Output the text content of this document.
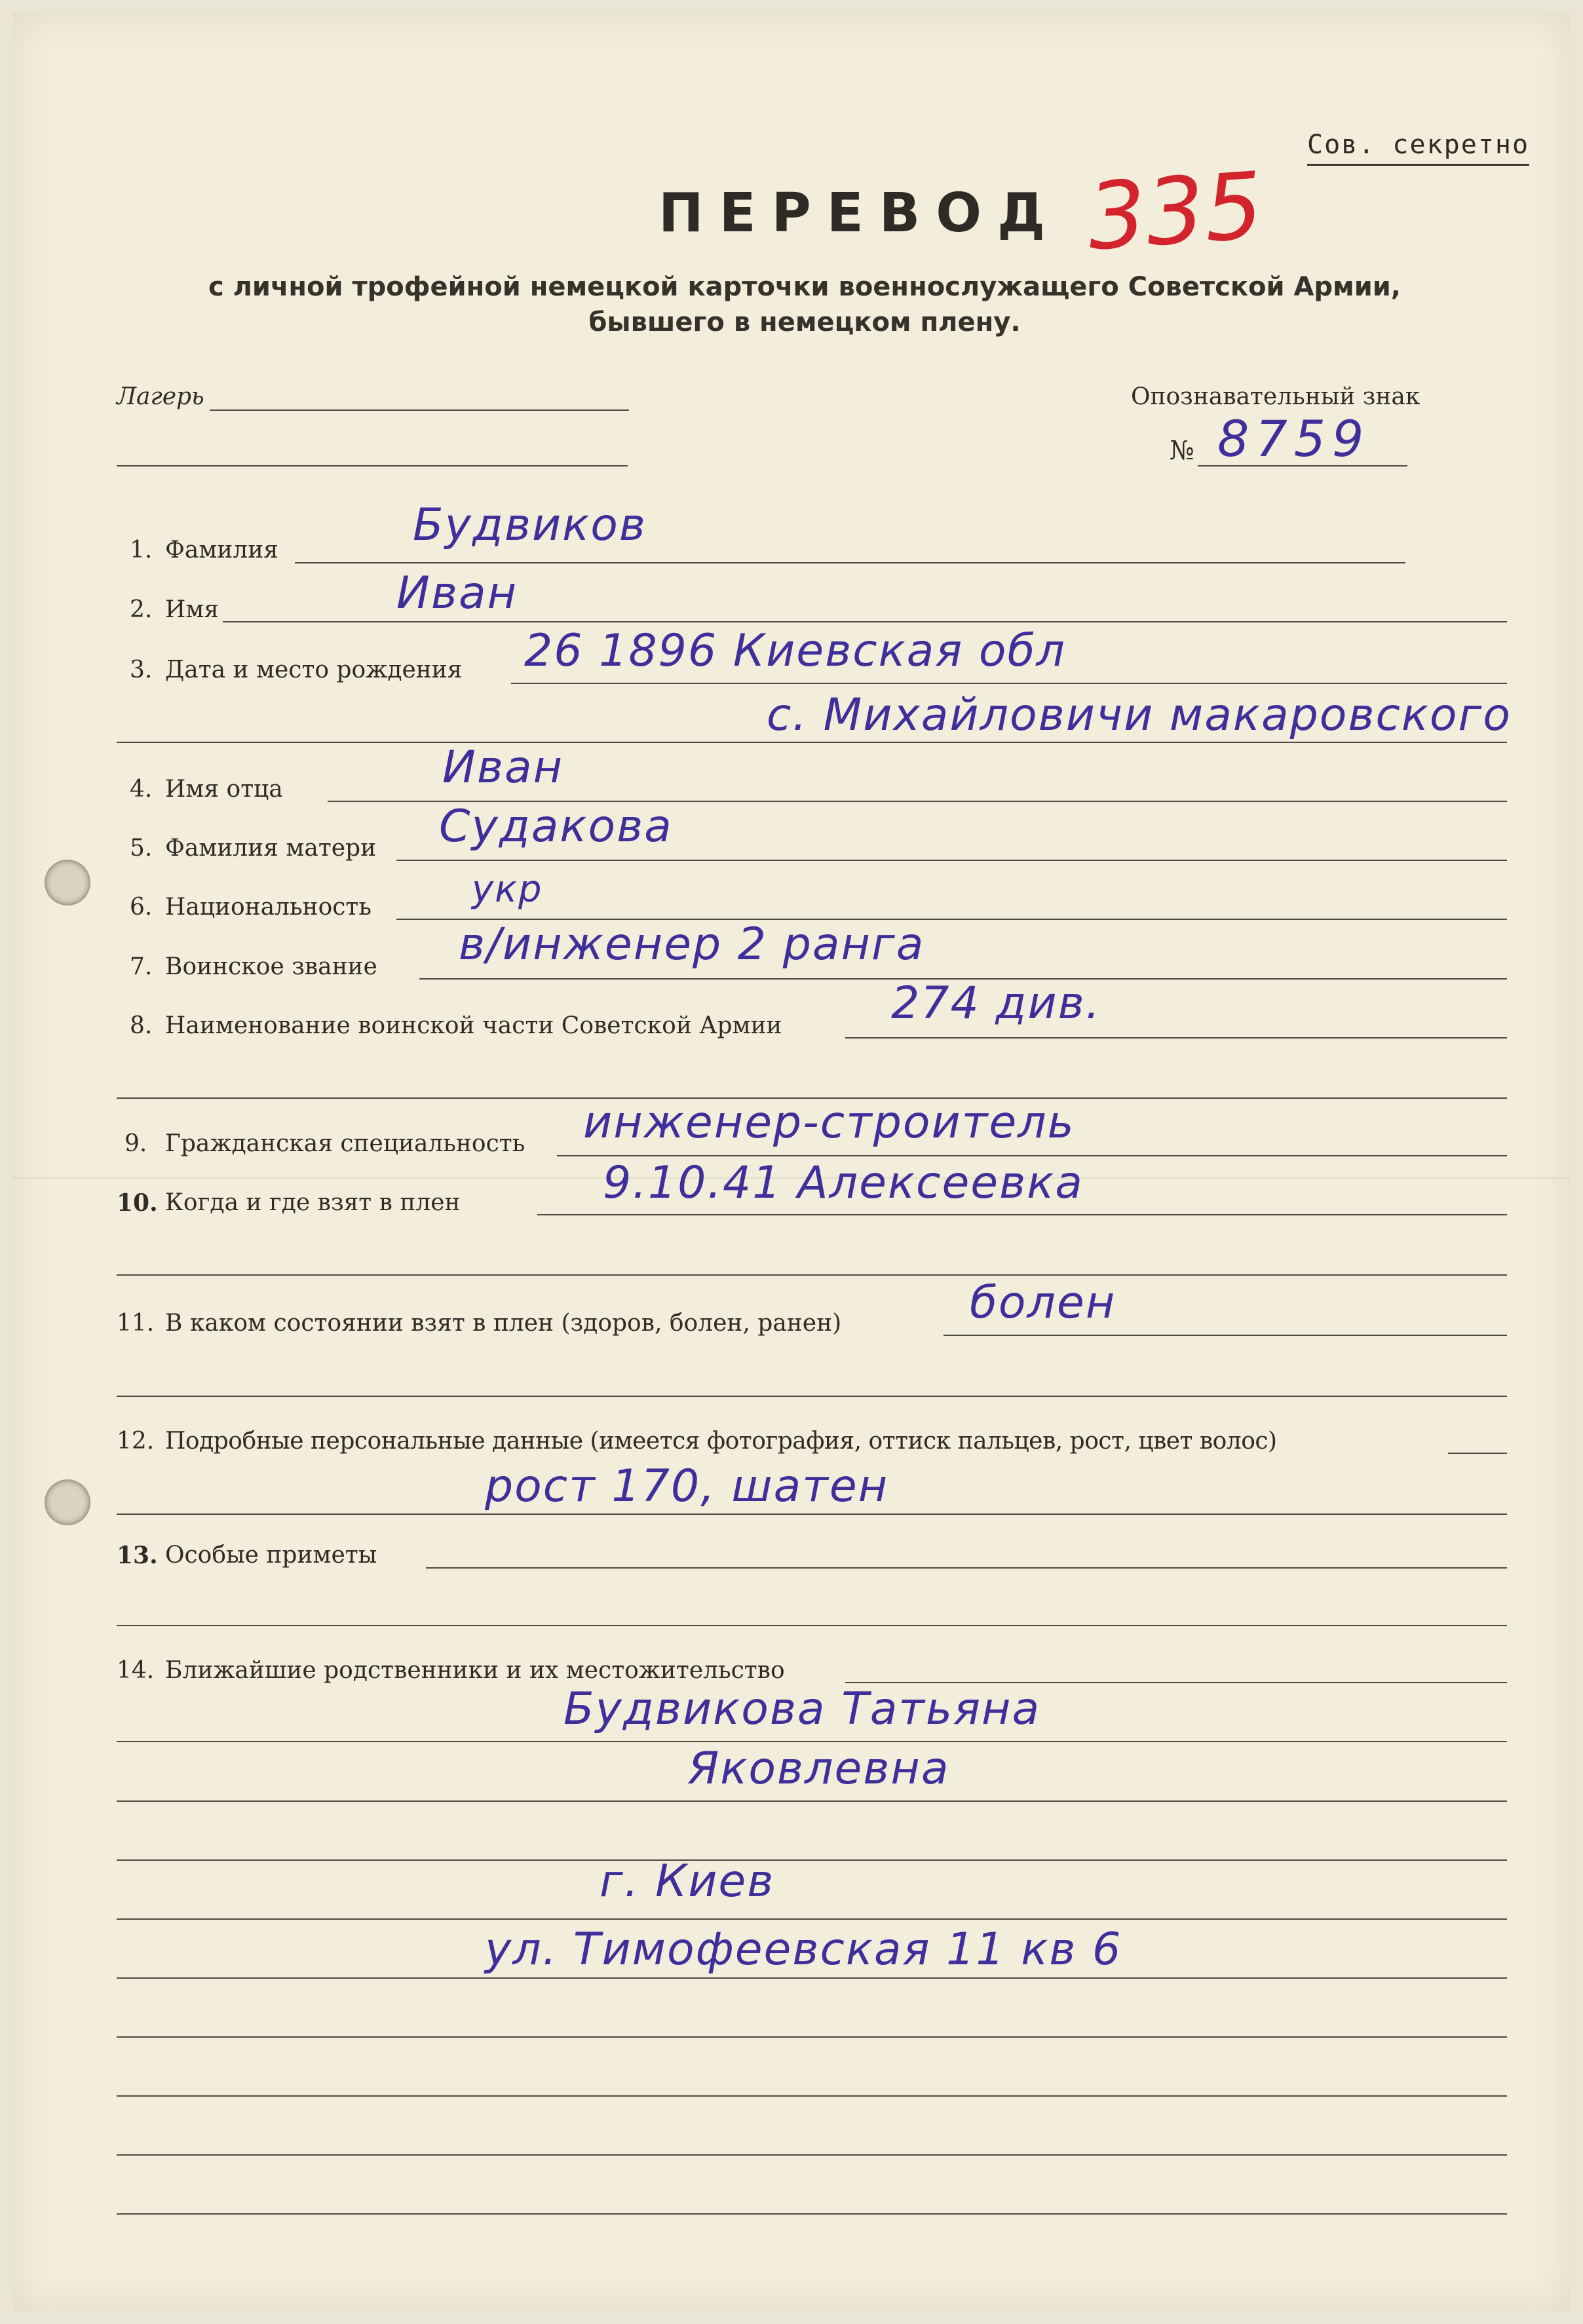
Сов. секретно
ПЕРЕВОД 335
с личной трофейной немецкой карточки военнослужащего Советской Армии,
бывшего в немецком плену.
Лагерь	Опознавательный знак
№ 8759
1. Фамилия	Будвиков
2. Имя	Иван
3. Дата и место рождения 26 1896 Киевская обл
с. Михайловичи макаровского
4. Имя отца	Иван
5. Фамилия матери Судакова
6. Национальность	укр
7. Воинское звание в/инженер 2 ранга
8. Наименование воинской части Советской Армии 274 див.
9. Гражданская специальность инженер-строитель
10. Когда и где взят в плен	9.10.41 Алексеевка
11. В каком состоянии взят в плен (здоров, болен, ранен)	болен
12. Подробные персональные данные (имеется фотография, оттиск пальцев, рост, цвет волос)
рост 170, шатен
13. Особые приметы
14. Ближайшие родственники и их местожительство
Будвикова Татьяна
Яковлевна
г. Киев
ул. Тимофеевская 11 кв 6
